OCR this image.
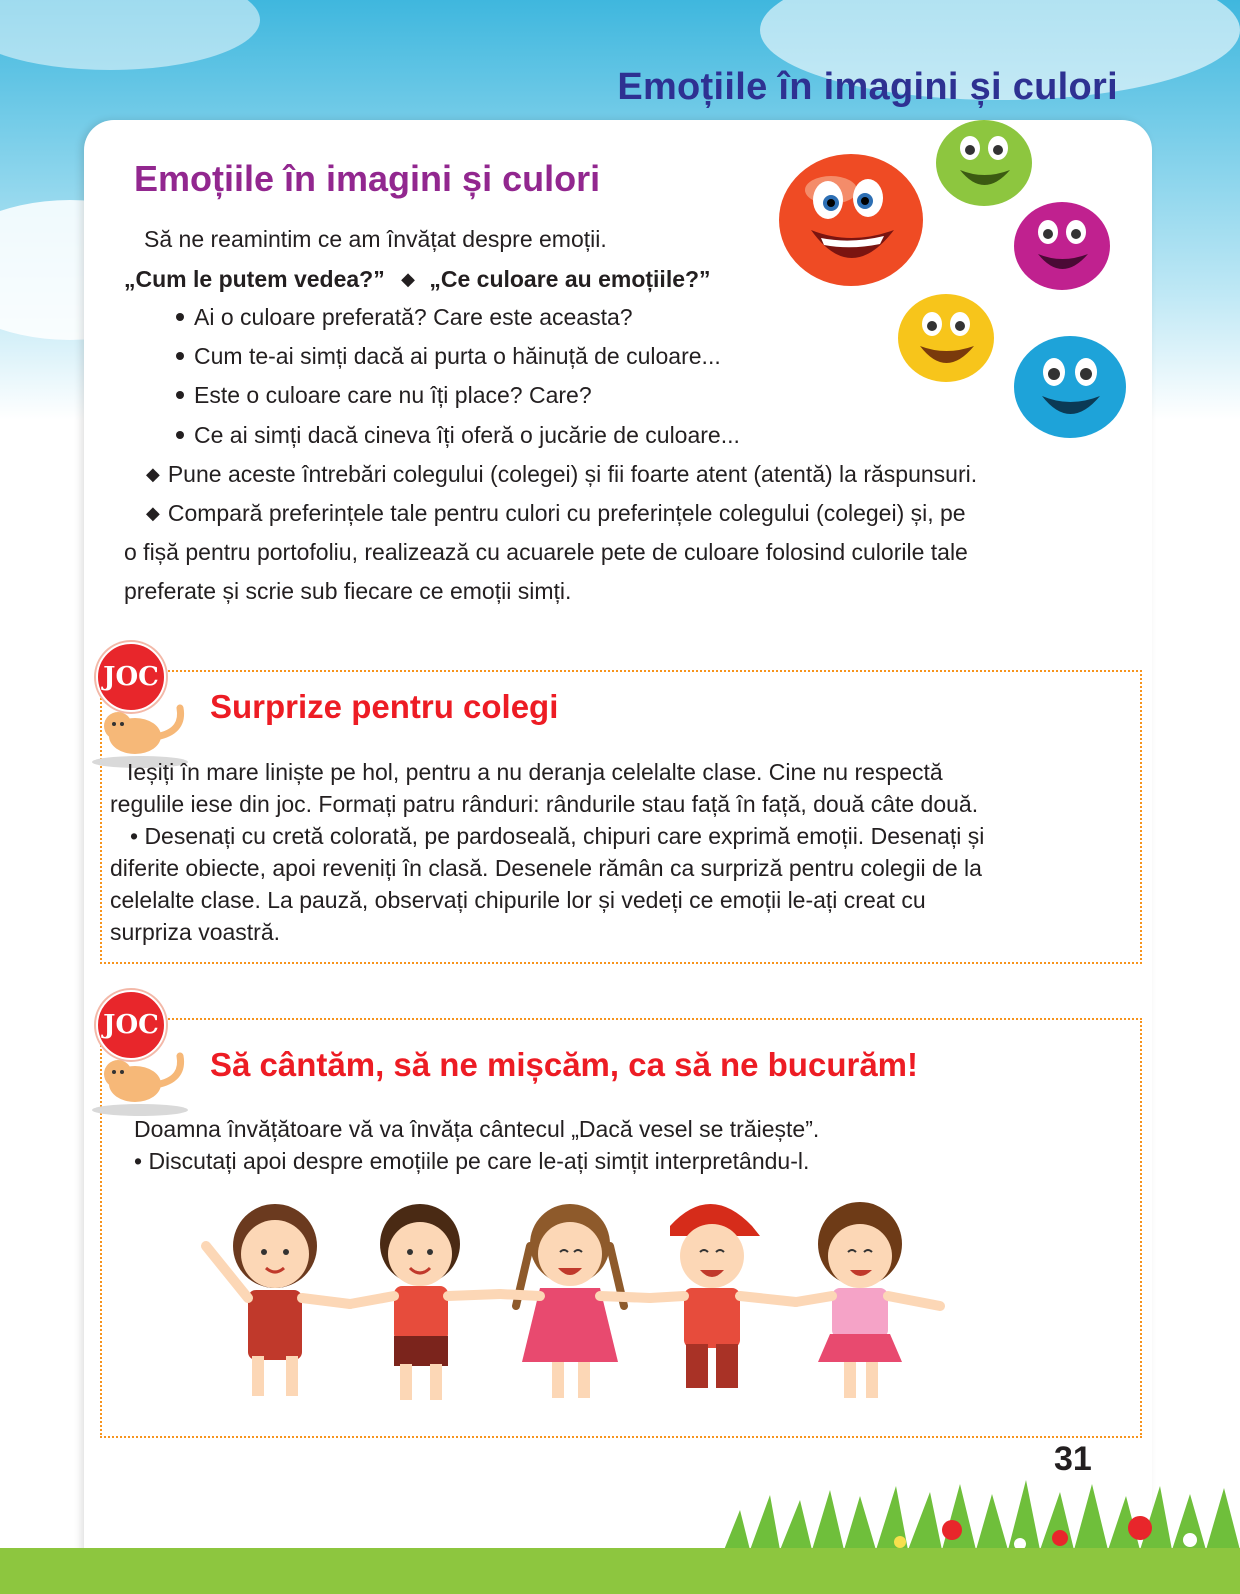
Emoțiile în imagini și culori
Emoțiile în imagini și culori
Să ne reamintim ce am învățat despre emoții.
„Cum le putem vedea?” ◆ „Ce culoare au emoțiile?”
Ai o culoare preferată? Care este aceasta?
Cum te-ai simți dacă ai purta o hăinuță de culoare...
Este o culoare care nu îți place? Care?
Ce ai simți dacă cineva îți oferă o jucărie de culoare...
◆ Pune aceste întrebări colegului (colegei) și fii foarte atent (atentă) la răspunsuri.
◆ Compară preferințele tale pentru culori cu preferințele colegului (colegei) și, pe
o fișă pentru portofoliu, realizează cu acuarele pete de culoare folosind culorile tale
preferate și scrie sub fiecare ce emoții simți.
JOC
Surprize pentru colegi
Ieșiți în mare liniște pe hol, pentru a nu deranja celelalte clase. Cine nu respectă
regulile iese din joc. Formați patru rânduri: rândurile stau față în față, două câte două.
• Desenați cu cretă colorată, pe pardoseală, chipuri care exprimă emoții. Desenați și
diferite obiecte, apoi reveniți în clasă. Desenele rămân ca surpriză pentru colegii de la
celelalte clase. La pauză, observați chipurile lor și vedeți ce emoții le-ați creat cu
surpriza voastră.
JOC
Să cântăm, să ne mișcăm, ca să ne bucurăm!
Doamna învățătoare vă va învăța cântecul „Dacă vesel se trăiește”.
• Discutați apoi despre emoțiile pe care le-ați simțit interpretându-l.
31
